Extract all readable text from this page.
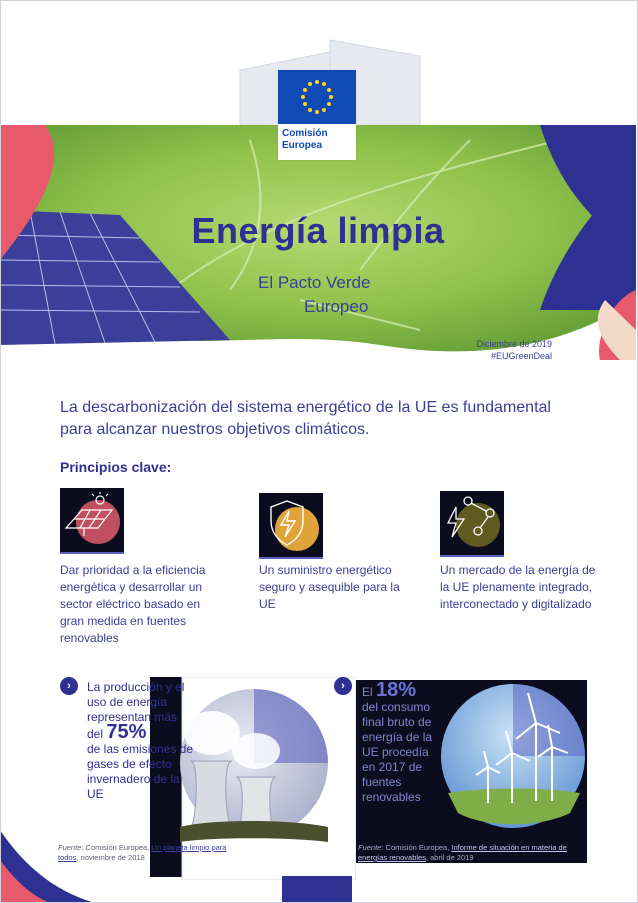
Comisión
Europea
Energía limpia
El Pacto Verde
Europeo
Diciembre de 2019
#EUGreenDeal
La descarbonización del sistema energético de la UE es fundamental para alcanzar nuestros objetivos climáticos.
Principios clave:
Dar prioridad a la eficiencia energética y desarrollar un sector eléctrico basado en gran medida en fuentes renovables
Un suministro energético seguro y asequible para la UE
Un mercado de la energía de la UE plenamente integrado, interconectado y digitalizado
›	La producción y el uso de energía representan más
del 75%
de las emisiones de gases de efecto invernadero de la UE
›	El 18%
del consumo final bruto de energía de la UE procedía en 2017 de fuentes renovables
Fuente: Comisión Europea, Un planeta limpio para todos, noviembre de 2018
Fuente: Comisión Europea, Informe de situación en materia de energías renovables, abril de 2019
